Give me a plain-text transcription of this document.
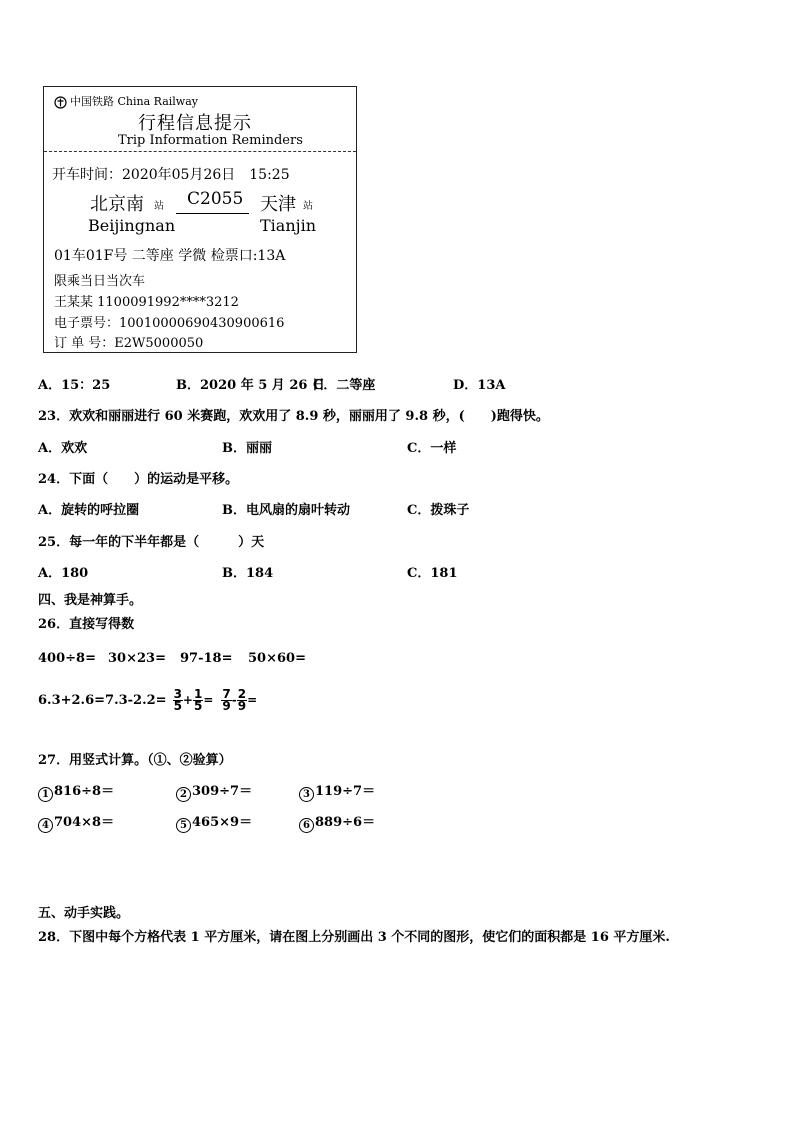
中国铁路 China Railway
行程信息提示
Trip Information Reminders
开车时间：2020年05月26日　15:25
北京南 站
Beijingnan
C2055 天津 站
Tianjin
01车01F号 二等座 学微 检票口:13A
限乘当日当次车
王某某 1100091992****3212
电子票号：10010000690430900616
订 单 号：E2W5000050
A．15：25	B．2020 年 5 月 26 日
C．二等座	D．13A
23．欢欢和丽丽进行 60 米赛跑，欢欢用了 8.9 秒，丽丽用了 9.8 秒，(　　)跑得快。
A．欢欢	B．丽丽	C．一样
24．下面（　　）的运动是平移。
A．旋转的呼拉圈	B．电风扇的扇叶转动	C．拨珠子
25．每一年的下半年都是（　　　）天
A．180	B．184	C．181
四、我是神算手。
26．直接写得数
400÷8= 30×23= 97-18= 50×60=
$6.3+2.6= 7.3-2.2= \frac{3}{5} + \frac{1}{5} = \frac{7}{9} - \frac{2}{9}$ =
27．用竖式计算。（①、②验算）
1 816÷8＝	2 309÷7＝	3 119÷7＝
4 704×8＝	5 465×9＝	6 889÷6＝
五、动手实践。
28．下图中每个方格代表 1 平方厘米，请在图上分别画出 3 个不同的图形，使它们的面积都是 16 平方厘米.
